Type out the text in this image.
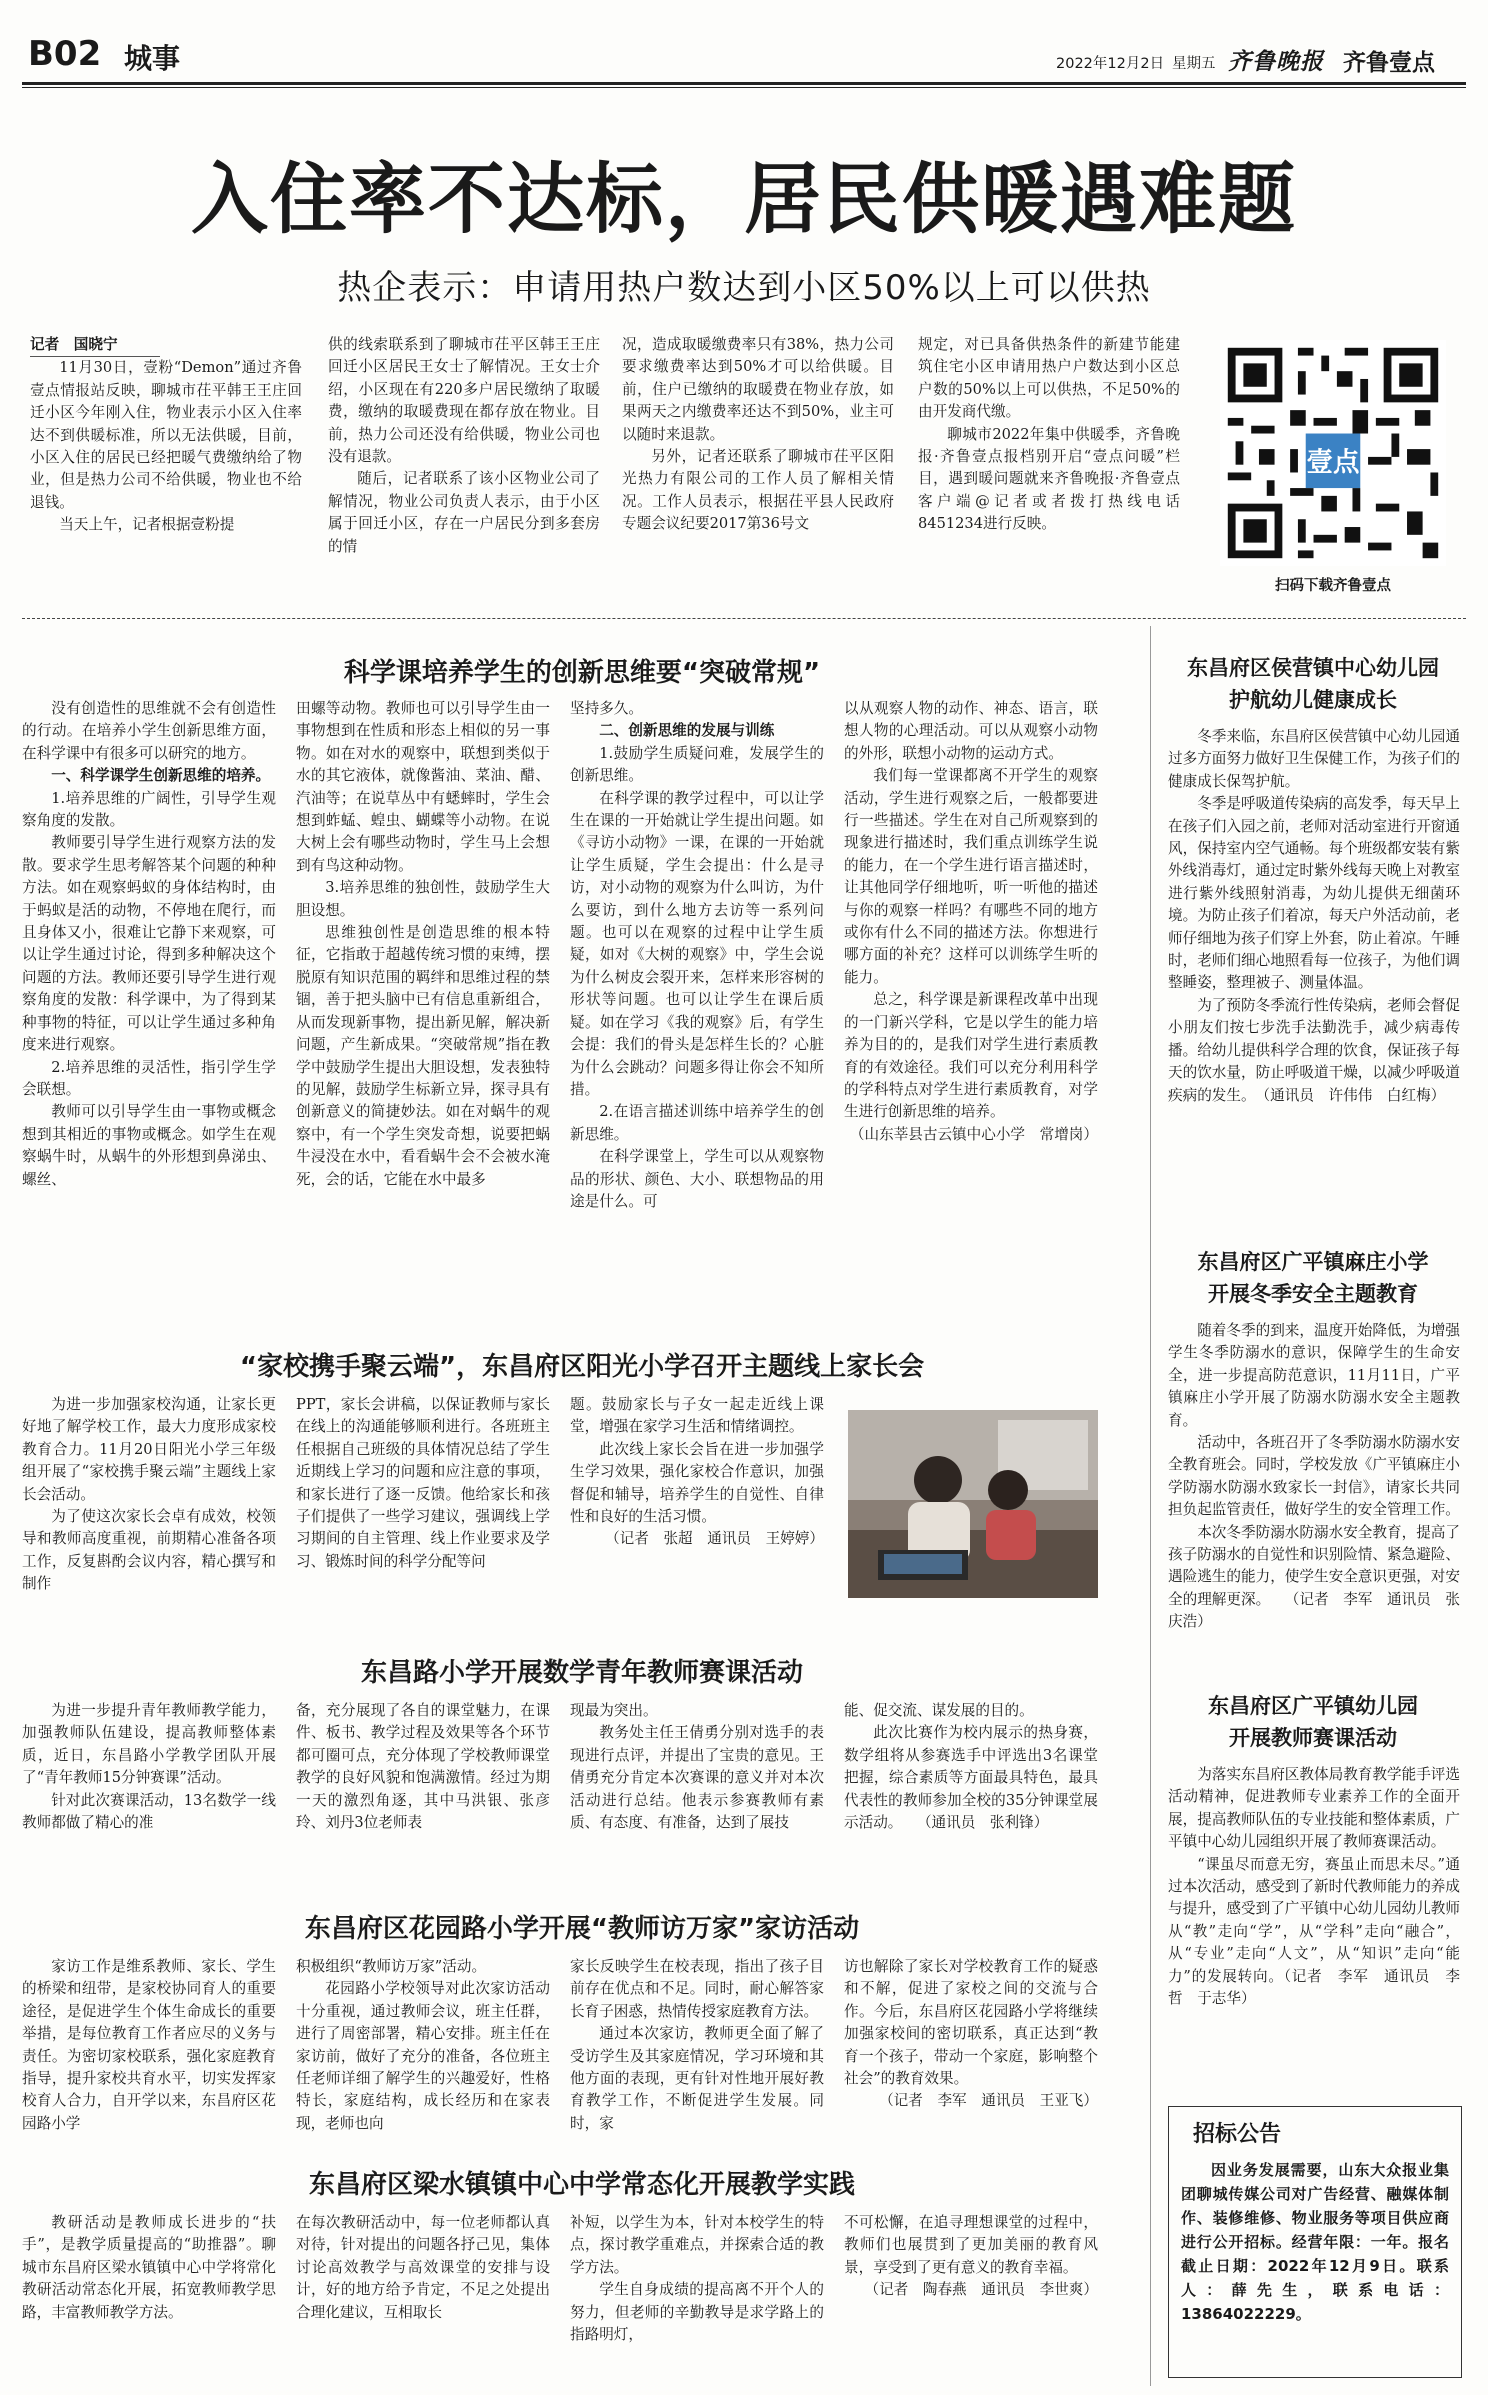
B02 城事	2022年12月2日 星期五 齐鲁晚报 齐鲁壹点
入住率不达标，居民供暖遇难题
热企表示：申请用热户数达到小区50%以上可以供热

记者　国晓宁

11月30日，壹粉“Demon”通过齐鲁壹点情报站反映，聊城市茌平韩王王庄回迁小区今年刚入住，物业表示小区入住率达不到供暖标准，所以无法供暖，目前，小区入住的居民已经把暖气费缴纳给了物业，但是热力公司不给供暖，物业也不给退钱。

当天上午，记者根据壹粉提

供的线索联系到了聊城市茌平区韩王王庄回迁小区居民王女士了解情况。王女士介绍，小区现在有220多户居民缴纳了取暖费，缴纳的取暖费现在都存放在物业。目前，热力公司还没有给供暖，物业公司也没有退款。

随后，记者联系了该小区物业公司了解情况，物业公司负责人表示，由于小区属于回迁小区，存在一户居民分到多套房的情

况，造成取暖缴费率只有38%，热力公司要求缴费率达到50%才可以给供暖。目前，住户已缴纳的取暖费在物业存放，如果两天之内缴费率还达不到50%，业主可以随时来退款。

另外，记者还联系了聊城市茌平区阳光热力有限公司的工作人员了解相关情况。工作人员表示，根据茌平县人民政府专题会议纪要2017第36号文

规定，对已具备供热条件的新建节能建筑住宅小区申请用热户户数达到小区总户数的50%以上可以供热，不足50%的由开发商代缴。

聊城市2022年集中供暖季，齐鲁晚报·齐鲁壹点报档别开启“壹点问暖”栏目，遇到暖问题就来齐鲁晚报·齐鲁壹点客户端@记者或者拨打热线电话8451234进行反映。

壹点
扫码下载齐鲁壹点
科学课培养学生的创新思维要“突破常规”

没有创造性的思维就不会有创造性的行动。在培养小学生创新思维方面，在科学课中有很多可以研究的地方。

一、科学课学生创新思维的培养。

1.培养思维的广阔性，引导学生观察角度的发散。

教师要引导学生进行观察方法的发散。要求学生思考解答某个问题的种种方法。如在观察蚂蚁的身体结构时，由于蚂蚁是活的动物，不停地在爬行，而且身体又小，很难让它静下来观察，可以让学生通过讨论，得到多种解决这个问题的方法。教师还要引导学生进行观察角度的发散：科学课中，为了得到某种事物的特征，可以让学生通过多种角度来进行观察。

2.培养思维的灵活性，指引学生学会联想。

教师可以引导学生由一事物或概念想到其相近的事物或概念。如学生在观察蜗牛时，从蜗牛的外形想到鼻涕虫、螺丝、

田螺等动物。教师也可以引导学生由一事物想到在性质和形态上相似的另一事物。如在对水的观察中，联想到类似于水的其它液体，就像酱油、菜油、醋、汽油等；在说草丛中有蟋蟀时，学生会想到蚱蜢、蝗虫、蝴蝶等小动物。在说大树上会有哪些动物时，学生马上会想到有鸟这种动物。

3.培养思维的独创性，鼓励学生大胆设想。

思维独创性是创造思维的根本特征，它指敢于超越传统习惯的束缚，摆脱原有知识范围的羁绊和思维过程的禁锢，善于把头脑中已有信息重新组合，从而发现新事物，提出新见解，解决新问题，产生新成果。“突破常规”指在教学中鼓励学生提出大胆设想，发表独特的见解，鼓励学生标新立异，探寻具有创新意义的简捷妙法。如在对蜗牛的观察中，有一个学生突发奇想，说要把蜗牛浸没在水中，看看蜗牛会不会被水淹死，会的话，它能在水中最多

坚持多久。

二、创新思维的发展与训练

1.鼓励学生质疑问难，发展学生的创新思维。

在科学课的教学过程中，可以让学生在课的一开始就让学生提出问题。如《寻访小动物》一课，在课的一开始就让学生质疑，学生会提出：什么是寻访，对小动物的观察为什么叫访，为什么要访，到什么地方去访等一系列问题。也可以在观察的过程中让学生质疑，如对《大树的观察》中，学生会说为什么树皮会裂开来，怎样来形容树的形状等问题。也可以让学生在课后质疑。如在学习《我的观察》后，有学生会提：我们的骨头是怎样生长的？心脏为什么会跳动？问题多得让你会不知所措。

2.在语言描述训练中培养学生的创新思维。

在科学课堂上，学生可以从观察物品的形状、颜色、大小、联想物品的用途是什么。可

以从观察人物的动作、神态、语言，联想人物的心理活动。可以从观察小动物的外形，联想小动物的运动方式。

我们每一堂课都离不开学生的观察活动，学生进行观察之后，一般都要进行一些描述。学生在对自己所观察到的现象进行描述时，我们重点训练学生说的能力，在一个学生进行语言描述时，让其他同学仔细地听，听一听他的描述与你的观察一样吗？有哪些不同的地方或你有什么不同的描述方法。你想进行哪方面的补充？这样可以训练学生听的能力。

总之，科学课是新课程改革中出现的一门新兴学科，它是以学生的能力培养为目的的，是我们对学生进行素质教育的有效途径。我们可以充分利用科学的学科特点对学生进行素质教育，对学生进行创新思维的培养。

（山东莘县古云镇中心小学　常增岗）

“家校携手聚云端”，东昌府区阳光小学召开主题线上家长会

为进一步加强家校沟通，让家长更好地了解学校工作，最大力度形成家校教育合力。11月20日阳光小学三年级组开展了“家校携手聚云端”主题线上家长会活动。

为了使这次家长会卓有成效，校领导和教师高度重视，前期精心准备各项工作，反复斟酌会议内容，精心撰写和制作

PPT，家长会讲稿，以保证教师与家长在线上的沟通能够顺利进行。各班班主任根据自己班级的具体情况总结了学生近期线上学习的问题和应注意的事项，和家长进行了逐一反馈。他给家长和孩子们提供了一些学习建议，强调线上学习期间的自主管理、线上作业要求及学习、锻炼时间的科学分配等问

题。鼓励家长与子女一起走近线上课堂，增强在家学习生活和情绪调控。

此次线上家长会旨在进一步加强学生学习效果，强化家校合作意识，加强督促和辅导，培养学生的自觉性、自律性和良好的生活习惯。

（记者　张超　通讯员　王婷婷）

东昌路小学开展数学青年教师赛课活动

为进一步提升青年教师教学能力，加强教师队伍建设，提高教师整体素质，近日，东昌路小学教学团队开展了“青年教师15分钟赛课”活动。

针对此次赛课活动，13名数学一线教师都做了精心的准

备，充分展现了各自的课堂魅力，在课件、板书、教学过程及效果等各个环节都可圈可点，充分体现了学校教师课堂教学的良好风貌和饱满激情。经过为期一天的激烈角逐，其中马洪银、张彦玲、刘丹3位老师表

现最为突出。

教务处主任王倩勇分别对选手的表现进行点评，并提出了宝贵的意见。王倩勇充分肯定本次赛课的意义并对本次活动进行总结。他表示参赛教师有素质、有态度、有准备，达到了展技

能、促交流、谋发展的目的。

此次比赛作为校内展示的热身赛，数学组将从参赛选手中评选出3名课堂把握，综合素质等方面最具特色，最具代表性的教师参加全校的35分钟课堂展示活动。　　（通讯员　张利锋）

东昌府区花园路小学开展“教师访万家”家访活动

家访工作是维系教师、家长、学生的桥梁和纽带，是家校协同育人的重要途径，是促进学生个体生命成长的重要举措，是每位教育工作者应尽的义务与责任。为密切家校联系，强化家庭教育指导，提升家校共育水平，切实发挥家校育人合力，自开学以来，东昌府区花园路小学

积极组织“教师访万家”活动。

花园路小学校领导对此次家访活动十分重视，通过教师会议，班主任群，进行了周密部署，精心安排。班主任在家访前，做好了充分的准备，各位班主任老师详细了解学生的兴趣爱好，性格特长，家庭结构，成长经历和在家表现，老师也向

家长反映学生在校表现，指出了孩子目前存在优点和不足。同时，耐心解答家长育子困惑，热情传授家庭教育方法。

通过本次家访，教师更全面了解了受访学生及其家庭情况，学习环境和其他方面的表现，更有针对性地开展好教育教学工作，不断促进学生发展。同时，家

访也解除了家长对学校教育工作的疑惑和不解，促进了家校之间的交流与合作。今后，东昌府区花园路小学将继续加强家校间的密切联系，真正达到“教育一个孩子，带动一个家庭，影响整个社会”的教育效果。

（记者　李军　通讯员　王亚飞）

东昌府区梁水镇镇中心中学常态化开展教学实践

教研活动是教师成长进步的“扶手”，是教学质量提高的“助推器”。聊城市东昌府区梁水镇镇中心中学将常化教研活动常态化开展，拓宽教师教学思路，丰富教师教学方法。

在每次教研活动中，每一位老师都认真对待，针对提出的问题各抒己见，集体讨论高效教学与高效课堂的安排与设计，好的地方给予肯定，不足之处提出合理化建议，互相取长

补短，以学生为本，针对本校学生的特点，探讨教学重难点，并探索合适的教学方法。

学生自身成绩的提高离不开个人的努力，但老师的辛勤教导是求学路上的指路明灯，

不可松懈，在追寻理想课堂的过程中，教师们也展贯到了更加美丽的教育风景，享受到了更有意义的教育幸福。

（记者　陶春燕　通讯员　李世爽）

东昌府区侯营镇中心幼儿园
护航幼儿健康成长

冬季来临，东昌府区侯营镇中心幼儿园通过多方面努力做好卫生保健工作，为孩子们的健康成长保驾护航。

冬季是呼吸道传染病的高发季，每天早上在孩子们入园之前，老师对活动室进行开窗通风，保持室内空气通畅。每个班级都安装有紫外线消毒灯，通过定时紫外线每天晚上对教室进行紫外线照射消毒，为幼儿提供无细菌环境。为防止孩子们着凉，每天户外活动前，老师仔细地为孩子们穿上外套，防止着凉。午睡时，老师们细心地照看每一位孩子，为他们调整睡姿，整理被子、测量体温。

为了预防冬季流行性传染病，老师会督促小朋友们按七步洗手法勤洗手，减少病毒传播。给幼儿提供科学合理的饮食，保证孩子每天的饮水量，防止呼吸道干燥，以减少呼吸道疾病的发生。　（通讯员　许伟伟　白红梅）

东昌府区广平镇麻庄小学
开展冬季安全主题教育

随着冬季的到来，温度开始降低，为增强学生冬季防溺水的意识，保障学生的生命安全，进一步提高防范意识，11月11日，广平镇麻庄小学开展了防溺水防溺水安全主题教育。

活动中，各班召开了冬季防溺水防溺水安全教育班会。同时，学校发放《广平镇麻庄小学防溺水防溺水致家长一封信》，请家长共同担负起监管责任，做好学生的安全管理工作。

本次冬季防溺水防溺水安全教育，提高了孩子防溺水的自觉性和识别险情、紧急避险、遇险逃生的能力，使学生安全意识更强，对安全的理解更深。　　（记者　李军　通讯员　张庆浩）

东昌府区广平镇幼儿园
开展教师赛课活动

为落实东昌府区教体局教育教学能手评选活动精神，促进教师专业素养工作的全面开展，提高教师队伍的专业技能和整体素质，广平镇中心幼儿园组织开展了教师赛课活动。

“课虽尽而意无穷，赛虽止而思未尽。”通过本次活动，感受到了新时代教师能力的养成与提升，感受到了广平镇中心幼儿园幼儿教师从“教”走向“学”，从“学科”走向“融合”，从“专业”走向“人文”，从“知识”走向“能力”的发展转向。（记者　李军　通讯员　李哲　于志华）

招标公告
因业务发展需要，山东大众报业集团聊城传媒公司对广告经营、融媒体制作、装修维修、物业服务等项目供应商进行公开招标。经营年限：一年。报名截止日期：2022年12月9日。联系人：薛先生，联系电话：13864022229。
